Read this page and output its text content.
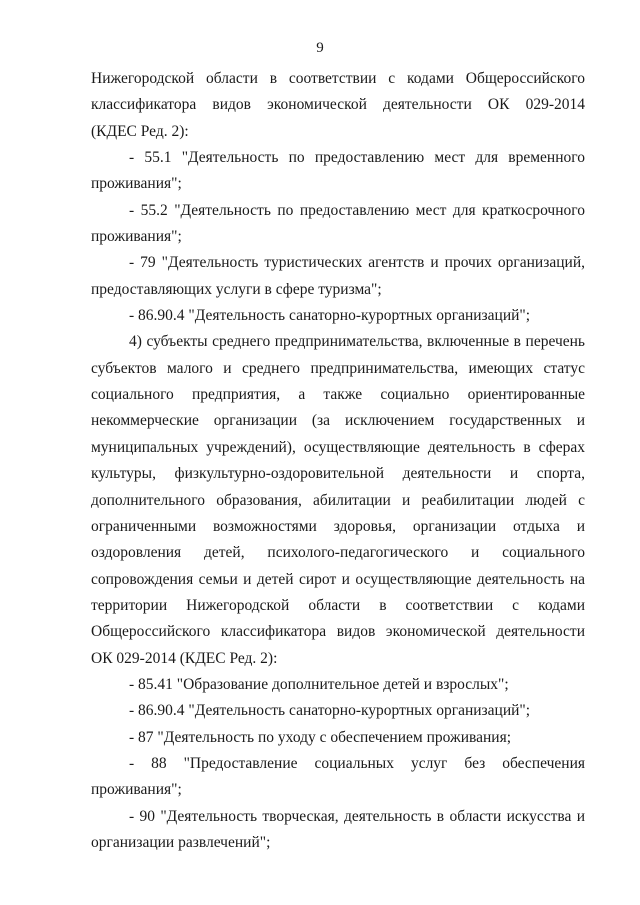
9
Нижегородской области в соответствии с кодами Общероссийского
классификатора видов экономической деятельности ОК 029-2014
(КДЕС Ред. 2):
- 55.1 "Деятельность по предоставлению мест для временного
проживания";
- 55.2 "Деятельность по предоставлению мест для краткосрочного
проживания";
- 79 "Деятельность туристических агентств и прочих организаций,
предоставляющих услуги в сфере туризма";
- 86.90.4 "Деятельность санаторно-курортных организаций";
4) субъекты среднего предпринимательства, включенные в перечень
субъектов малого и среднего предпринимательства, имеющих статус
социального предприятия, а также социально ориентированные
некоммерческие организации (за исключением государственных и
муниципальных учреждений), осуществляющие деятельность в сферах
культуры, физкультурно-оздоровительной деятельности и спорта,
дополнительного образования, абилитации и реабилитации людей с
ограниченными возможностями здоровья, организации отдыха и
оздоровления детей, психолого-педагогического и социального
сопровождения семьи и детей сирот и осуществляющие деятельность на
территории Нижегородской области в соответствии с кодами
Общероссийского классификатора видов экономической деятельности
ОК 029-2014 (КДЕС Ред. 2):
- 85.41 "Образование дополнительное детей и взрослых";
- 86.90.4 "Деятельность санаторно-курортных организаций";
- 87 "Деятельность по уходу с обеспечением проживания;
- 88 "Предоставление социальных услуг без обеспечения
проживания";
- 90 "Деятельность творческая, деятельность в области искусства и
организации развлечений";
